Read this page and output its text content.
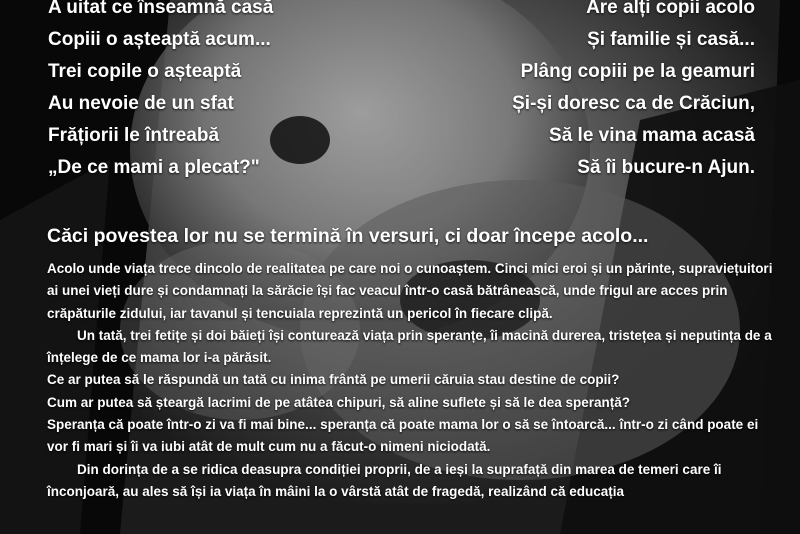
A uitat ce înseamnă casă
Copiii o așteaptă acum...
Trei copile o așteaptă
Au nevoie de un sfat
Frățiorii le întreabă
„De ce mami a plecat?"
Are alți copii acolo
Și familie și casă...
Plâng copiii pe la geamuri
Și-și doresc ca de Crăciun,
Să le vina mama acasă
Să îi bucure-n Ajun.
Căci povestea lor nu se termină în versuri, ci doar începe acolo...
Acolo unde viața trece dincolo de realitatea pe care noi o cunoaștem. Cinci mici eroi și un părinte, supraviețuitori ai unei vieți dure și condamnați la sărăcie își fac veacul într-o casă bătrânească, unde frigul are acces prin crăpăturile zidului, iar tavanul și tencuiala reprezintă un pericol în fiecare clipă.
Un tată, trei fetițe și doi băieți își conturează viața prin speranțe, îi macină durerea, tristețea și neputința de a înțelege de ce mama lor i-a părăsit.
Ce ar putea să le răspundă un tată cu inima frântă pe umerii căruia stau destine de copii?
Cum ar putea să șteargă lacrimi de pe atâtea chipuri, să aline suflete și să le dea speranță?
Speranța că poate într-o zi va fi mai bine... speranța că poate mama lor o să se întoarcă... într-o zi când poate ei vor fi mari și îi va iubi atât de mult cum nu a făcut-o nimeni niciodată.
Din dorința de a se ridica deasupra condiției proprii, de a ieși la suprafață din marea de temeri care îi înconjoară, au ales să își ia viața în mâini la o vârstă atât de fragedă, realizând că educația
